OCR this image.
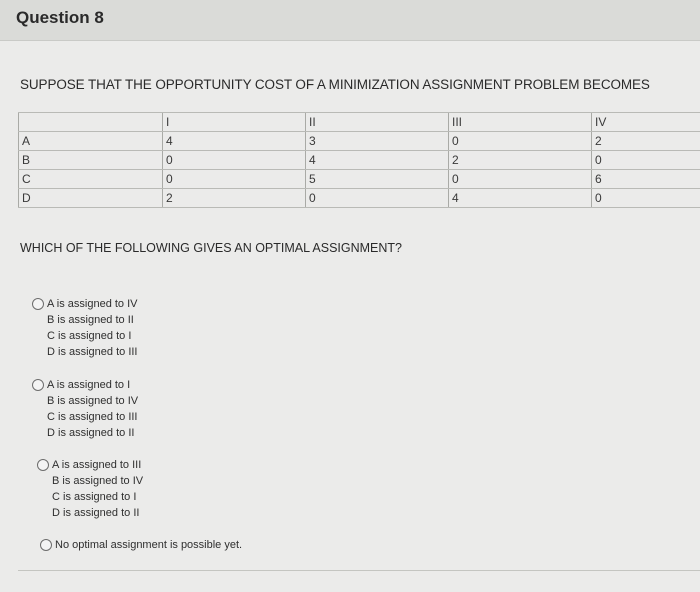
Question 8
SUPPOSE THAT THE OPPORTUNITY COST OF A MINIMIZATION ASSIGNMENT PROBLEM BECOMES
	I	II	III	IV
A	4	3	0	2
B	0	4	2	0
C	0	5	0	6
D	2	0	4	0
WHICH OF THE FOLLOWING GIVES AN OPTIMAL ASSIGNMENT?
A is assigned to IV
B is assigned to II
C is assigned to I
D is assigned to III
A is assigned to I
B is assigned to IV
C is assigned to III
D is assigned to II
A is assigned to III
B is assigned to IV
C is assigned to I
D is assigned to II
No optimal assignment is possible yet.
